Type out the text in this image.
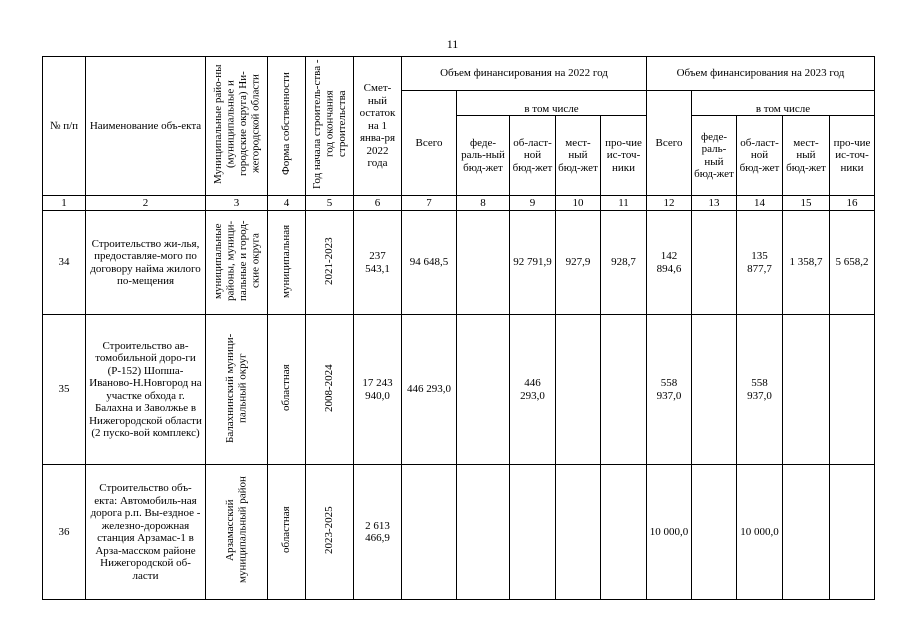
11
№ п/п	Наименование объ-екта	Муниципальные райо-ны (муниципальные и городские округа) Ни-жегородской области	Форма собственности	Год начала строитель-ства - год окончания строительства	Смет-ный остаток на 1 янва-ря 2022 года	Объем финансирования на 2022 год					Объем финансирования на 2023 год				
						Всего	в том числе				Всего	в том числе			
							феде-раль-ный бюд-жет	об-ласт-ной бюд-жет	мест-ный бюд-жет	про-чие ис-точ-ники		феде-раль-ный бюд-жет	об-ласт-ной бюд-жет	мест-ный бюд-жет	про-чие ис-точ-ники
1	2	3	4	5	6	7	8	9	10	11	12	13	14	15	16
34	Строительство жи-лья, предоставляе-мого по договору найма жилого по-мещения	муниципальные районы, муници-пальные и город-ские округа	муниципальная	2021-2023	237 543,1	94 648,5		92 791,9	927,9	928,7	142 894,6		135 877,7	1 358,7	5 658,2
35	Строительство ав-томобильной доро-ги (Р-152) Шопша-Иваново-Н.Новгород на участке обхода г. Балахна и Заволжье в Нижегородской области (2 пуско-вой комплекс)	Балахнинский муници-пальный округ	областная	2008-2024	17 243 940,0	446 293,0		446 293,0			558 937,0		558 937,0		
36	Строительство объ-екта: Автомобиль-ная дорога р.п. Вы-ездное - железно-дорожная станция Арзамас-1 в Арза-масском районе Нижегородской об-ласти	Арзамасский муниципальный район	областная	2023-2025	2 613 466,9						10 000,0		10 000,0		
